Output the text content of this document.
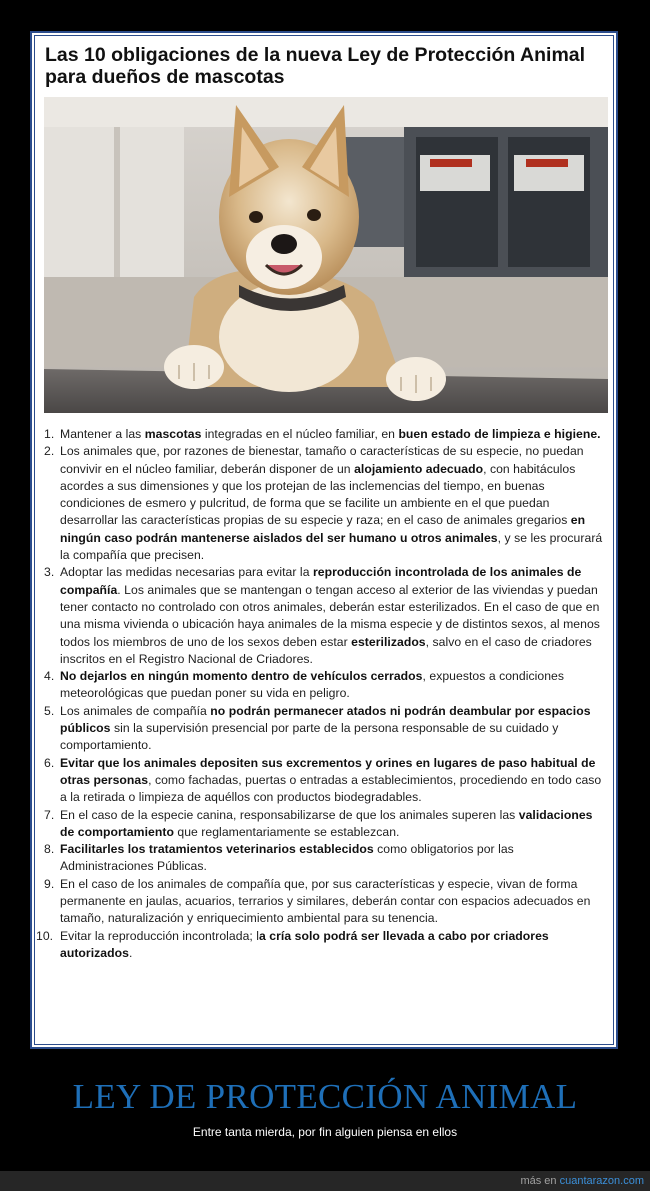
Las 10 obligaciones de la nueva Ley de Protección Animal para dueños de mascotas
1. Mantener a las mascotas integradas en el núcleo familiar, en buen estado de limpieza e higiene.
2. Los animales que, por razones de bienestar, tamaño o características de su especie, no puedan convivir en el núcleo familiar, deberán disponer de un alojamiento adecuado, con habitáculos acordes a sus dimensiones y que los protejan de las inclemencias del tiempo, en buenas condiciones de esmero y pulcritud, de forma que se facilite un ambiente en el que puedan desarrollar las características propias de su especie y raza; en el caso de animales gregarios en ningún caso podrán mantenerse aislados del ser humano u otros animales, y se les procurará la compañía que precisen.
3. Adoptar las medidas necesarias para evitar la reproducción incontrolada de los animales de compañía. Los animales que se mantengan o tengan acceso al exterior de las viviendas y puedan tener contacto no controlado con otros animales, deberán estar esterilizados. En el caso de que en una misma vivienda o ubicación haya animales de la misma especie y de distintos sexos, al menos todos los miembros de uno de los sexos deben estar esterilizados, salvo en el caso de criadores inscritos en el Registro Nacional de Criadores.
4. No dejarlos en ningún momento dentro de vehículos cerrados, expuestos a condiciones meteorológicas que puedan poner su vida en peligro.
5. Los animales de compañía no podrán permanecer atados ni podrán deambular por espacios públicos sin la supervisión presencial por parte de la persona responsable de su cuidado y comportamiento.
6. Evitar que los animales depositen sus excrementos y orines en lugares de paso habitual de otras personas, como fachadas, puertas o entradas a establecimientos, procediendo en todo caso a la retirada o limpieza de aquéllos con productos biodegradables.
7. En el caso de la especie canina, responsabilizarse de que los animales superen las validaciones de comportamiento que reglamentariamente se establezcan.
8. Facilitarles los tratamientos veterinarios establecidos como obligatorios por las Administraciones Públicas.
9. En el caso de los animales de compañía que, por sus características y especie, vivan de forma permanente en jaulas, acuarios, terrarios y similares, deberán contar con espacios adecuados en tamaño, naturalización y enriquecimiento ambiental para su tenencia.
10. Evitar la reproducción incontrolada; la cría solo podrá ser llevada a cabo por criadores autorizados.
LEY DE PROTECCIÓN ANIMAL
Entre tanta mierda, por fin alguien piensa en ellos
más en cuantarazon.com
